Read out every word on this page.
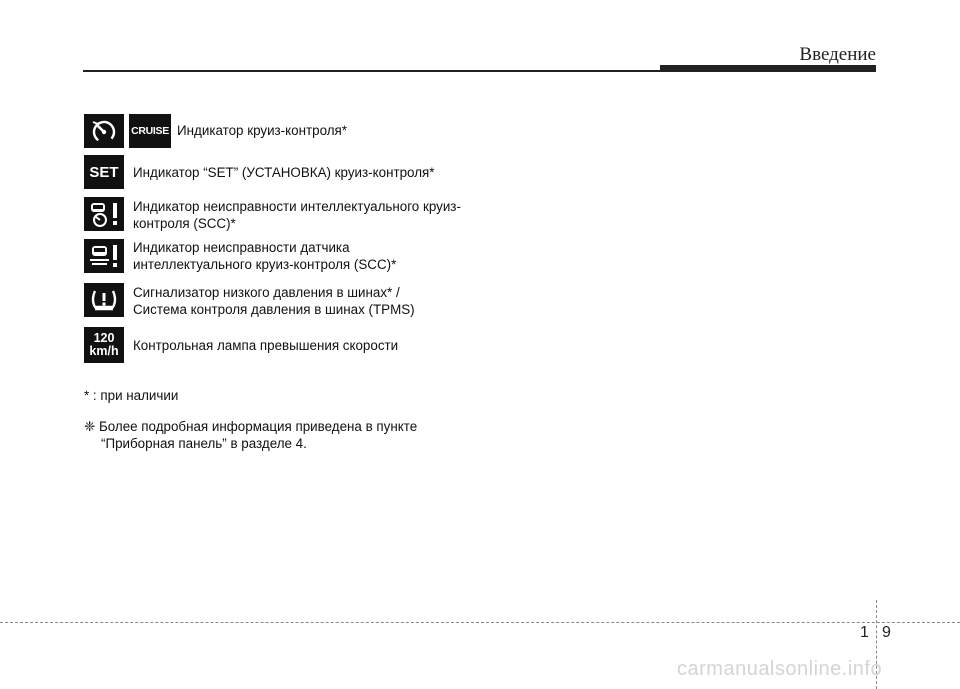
Введение
CRUISE Индикатор круиз-контроля*
SET	Индикатор “SET” (УСТАНОВКА) круиз-контроля*
Индикатор неисправности интеллектуального круиз-
контроля (SCC)*
Индикатор неисправности датчика
интеллектуального круиз-контроля (SCC)*
Сигнализатор низкого давления в шинах* /
Система контроля давления в шинах (TPMS)
120
km/h Контрольная лампа превышения скорости
* : при наличии
❈ Более подробная информация приведена в пункте
“Приборная панель” в разделе 4.
1 9
carmanualsonline.info
